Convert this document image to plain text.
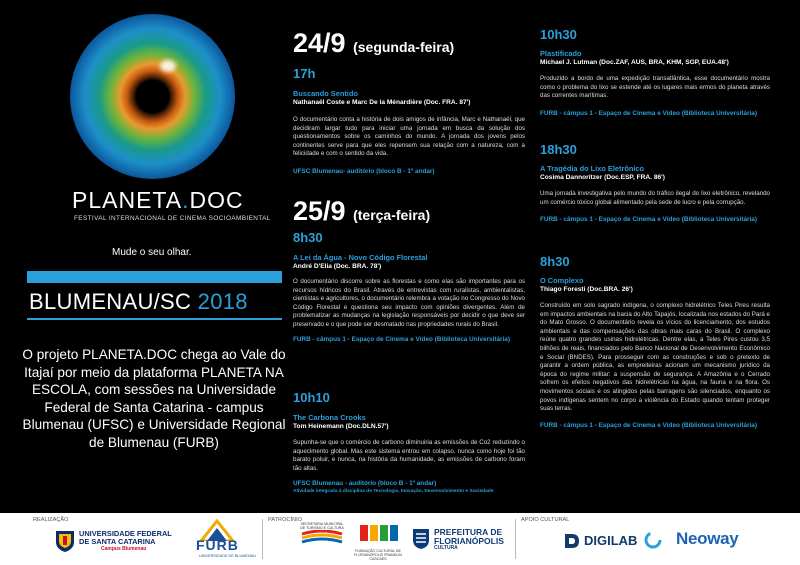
PLANETA.DOC
FESTIVAL INTERNACIONAL DE CINEMA SOCIOAMBIENTAL
Mude o seu olhar.
BLUMENAU/SC 2018
O projeto PLANETA.DOC chega ao Vale do Itajaí por meio da plataforma PLANETA NA ESCOLA, com sessões na Universidade Federal de Santa Catarina - campus Blumenau (UFSC) e Universidade Regional de Blumenau (FURB)
24/9 (segunda-feira)
17h
Buscando Sentido
Nathanaël Coste e Marc De la Ménardière (Doc. FRA. 87')
O documentário conta a história de dois amigos de infância, Marc e Nathanaël, que decidiram largar tudo para iniciar uma jornada em busca da solução dos questionamentos sobre os caminhos do mundo. A jornada dos jovens pelos continentes serve para que eles repensem sua relação com a natureza, com a felicidade e com o sentido da vida.
UFSC Blumenau- auditório (bloco B - 1º andar)
25/9 (terça-feira)
8h30
A Lei da Água - Novo Código Florestal
André D'Elia (Doc. BRA. 78')
O documentário discorre sobre as florestas e como elas são importantes para os recursos hídricos do Brasil. Através de entrevistas com ruralistas, ambientalistas, cientistas e agricultores, o documentário relembra a votação no Congresso do Novo Código Florestal e questiona seu impacto com opiniões divergentes. Além de problematizar as mudanças na legislação responsáveis por decidir o que deve ser preservado e o que pode ser desmatado nas propriedades rurais do Brasil.
FURB - câmpus 1 - Espaço de Cinema e Vídeo (Biblioteca Universitária)
10h10
The Carbona Crooks
Tom Heinemann (Doc.DLN.57')
Supunha-se que o comércio de carbono diminuiria as emissões de Co2 reduzindo o aquecimento global. Mas este sistema entrou em colapso. nunca como hoje foi tão barato poluir, e nunca, na história da humanidade, as emissões de carbono foram tão altas.
UFSC Blumenau - auditório (bloco B - 1º andar)
Atividade integrada à disciplina de Tecnologia, Inovação, Desenvolvimento e Sociedade
10h30
Plastificado
Michael J. Lutman (Doc.ZAF, AUS, BRA, KHM, SGP, EUA.48')
Produzido a bordo de uma expedição transatlântica, esse documentário mostra como o problema do lixo se estende até os lugares mais ermos do planeta através das correntes marítimas.
FURB - câmpus 1 - Espaço de Cinema e Vídeo (Biblioteca Universitária)
18h30
A Tragédia do Lixo Eletrônico
Cosima Dannoritzer (Doc.ESP, FRA. 86')
Uma jornada investigativa pelo mundo do tráfico ilegal do lixo eletrônico, revelando um comércio tóxico global alimentado pela sede de lucro e pela corrupção.
FURB - câmpus 1 - Espaço de Cinema e Vídeo (Biblioteca Universitária)
8h30
O Complexo
Thiago Foresti (Doc.BRA. 26')
Construído em solo sagrado indígena, o complexo hidrelétrico Teles Pires resulta em impactos ambientais na bacia do Alto Tapajós, localizada nos estados do Pará e do Mato Grosso. O documentário revela os vícios do licenciamento, dos estudos ambientais e das compensações das obras mais caras do Brasil. O complexo reúne quatro grandes usinas hidrelétricas. Dentre elas, a Teles Pires custou 3,5 bilhões de reais, financiados pelo Banco Nacional de Desenvolvimento Econômico e Social (BNDES). Para prosseguir com as construções e sob o pretexto de garantir a ordem pública, as empreiteiras acionam um mecanismo jurídico da época do regime militar: a suspensão de segurança. A Amazônia e o Cerrado sofrem os efeitos negativos das hidrelétricas na água, na fauna e na flora. Os movimentos sociais e os atingidos pelas barragens são silenciados, enquanto os povos indígenas sentem no corpo a violência do Estado quando tentam proteger suas terras.
FURB - câmpus 1 - Espaço de Cinema e Vídeo (Biblioteca Universitária)
REALIZAÇÃO	PATROCÍNIO	APOIO CULTURAL
UNIVERSIDADE FEDERAL
DE SANTA CATARINA
Campus Blumenau	FURB
UNIVERSIDADE DE BLUMENAU
SECRETARIA MUNICIPAL DE TURISMO E CULTURA
FUNDAÇÃO CULTURAL DE FLORIANÓPOLIS FRANKLIN CASCAES
PREFEITURA DE
FLORIANÓPOLIS
CULTURA	DIGILAB Neoway
